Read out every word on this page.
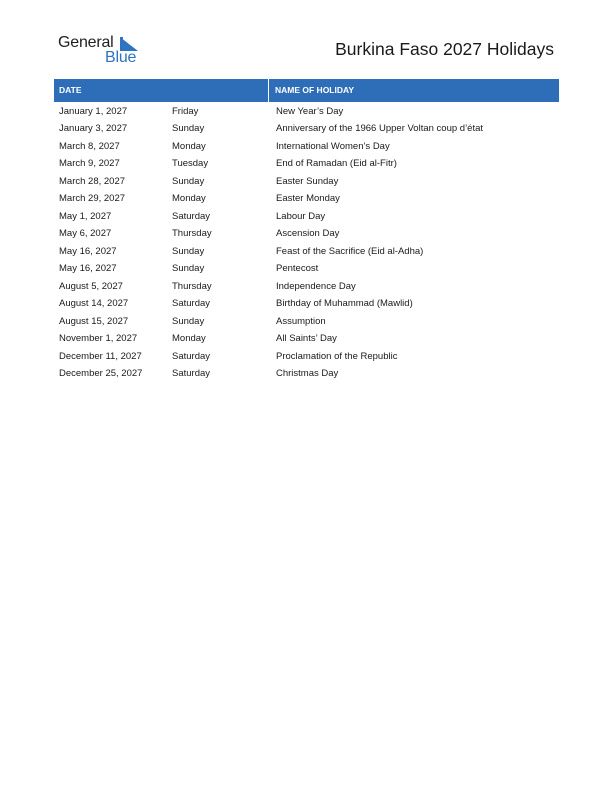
General
Blue	Burkina Faso 2027 Holidays
DATE	NAME OF HOLIDAY
January 1, 2027	Friday	New Year’s Day
January 3, 2027	Sunday	Anniversary of the 1966 Upper Voltan coup d’état
March 8, 2027	Monday	International Women’s Day
March 9, 2027	Tuesday	End of Ramadan (Eid al-Fitr)
March 28, 2027	Sunday	Easter Sunday
March 29, 2027	Monday	Easter Monday
May 1, 2027	Saturday	Labour Day
May 6, 2027	Thursday	Ascension Day
May 16, 2027	Sunday	Feast of the Sacrifice (Eid al-Adha)
May 16, 2027	Sunday	Pentecost
August 5, 2027	Thursday	Independence Day
August 14, 2027	Saturday	Birthday of Muhammad (Mawlid)
August 15, 2027	Sunday	Assumption
November 1, 2027	Monday	All Saints’ Day
December 11, 2027	Saturday	Proclamation of the Republic
December 25, 2027	Saturday	Christmas Day
